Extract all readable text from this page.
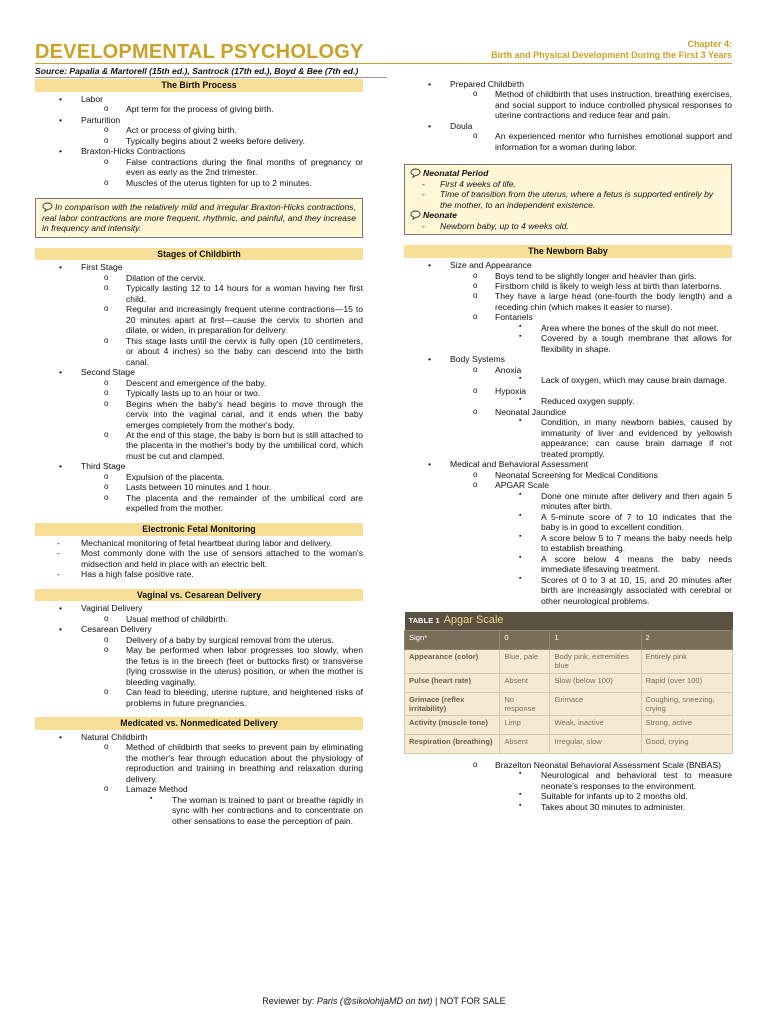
DEVELOPMENTAL PSYCHOLOGY	Chapter 4:
Birth and Physical Development During the First 3 Years
Source: Papalia & Martorell (15th ed.), Santrock (17th ed.), Boyd & Bee (7th ed.)
The Birth Process
• Labor
o Apt term for the process of giving birth.
• Parturition
o Act or process of giving birth.
o Typically begins about 2 weeks before delivery.
• Braxton-Hicks Contractions
o False contractions during the final months of pregnancy or even as early as the 2nd trimester.
o Muscles of the uterus tighten for up to 2 minutes.
In comparison with the relatively mild and irregular Braxton-Hicks contractions, real labor contractions are more frequent, rhythmic, and painful, and they increase in frequency and intensity.
Stages of Childbirth
• First Stage
o Dilation of the cervix.
o Typically lasting 12 to 14 hours for a woman having her first child.
o Regular and increasingly frequent uterine contractions—15 to 20 minutes apart at first—cause the cervix to shorten and dilate, or widen, in preparation for delivery.
o This stage lasts until the cervix is fully open (10 centimeters, or about 4 inches) so the baby can descend into the birth canal.
• Second Stage
o Descent and emergence of the baby.
o Typically lasts up to an hour or two.
o Begins when the baby's head begins to move through the cervix into the vaginal canal, and it ends when the baby emerges completely from the mother's body.
o At the end of this stage, the baby is born but is still attached to the placenta in the mother's body by the umbilical cord, which must be cut and clamped.
• Third Stage
o Expulsion of the placenta.
o Lasts between 10 minutes and 1 hour.
o The placenta and the remainder of the umbilical cord are expelled from the mother.
Electronic Fetal Monitoring
- Mechanical monitoring of fetal heartbeat during labor and delivery.
- Most commonly done with the use of sensors attached to the woman's midsection and held in place with an electric belt.
- Has a high false positive rate.
Vaginal vs. Cesarean Delivery
• Vaginal Delivery
o Usual method of childbirth.
• Cesarean Delivery
o Delivery of a baby by surgical removal from the uterus.
o May be performed when labor progresses too slowly, when the fetus is in the breech (feet or buttocks first) or transverse (lying crosswise in the uterus) position, or when the mother is bleeding vaginally.
o Can lead to bleeding, uterine rupture, and heightened risks of problems in future pregnancies.
Medicated vs. Nonmedicated Delivery
• Natural Childbirth
o Method of childbirth that seeks to prevent pain by eliminating the mother's fear through education about the physiology of reproduction and training in breathing and relaxation during delivery.
o Lamaze Method
▪ The woman is trained to pant or breathe rapidly in sync with her contractions and to concentrate on other sensations to ease the perception of pain.
• Prepared Childbirth
o Method of childbirth that uses instruction, breathing exercises, and social support to induce controlled physical responses to uterine contractions and reduce fear and pain.
• Doula
o An experienced mentor who furnishes emotional support and information for a woman during labor.
Neonatal Period
- First 4 weeks of life.
- Time of transition from the uterus, where a fetus is supported entirely by the mother, to an independent existence.
Neonate
- Newborn baby, up to 4 weeks old.
The Newborn Baby
• Size and Appearance
o Boys tend to be slightly longer and heavier than girls.
o Firstborn child is likely to weigh less at birth than laterborns.
o They have a large head (one-fourth the body length) and a receding chin (which makes it easier to nurse).
o Fontanels
▪ Area where the bones of the skull do not meet.
▪ Covered by a tough membrane that allows for flexibility in shape.
• Body Systems
o Anoxia
▪ Lack of oxygen, which may cause brain damage.
o Hypoxia
▪ Reduced oxygen supply.
o Neonatal Jaundice
▪ Condition, in many newborn babies, caused by immaturity of liver and evidenced by yellowish appearance; can cause brain damage if not treated promptly.
• Medical and Behavioral Assessment
o Neonatal Screening for Medical Conditions
o APGAR Scale
▪ Done one minute after delivery and then again 5 minutes after birth.
▪ A 5-minute score of 7 to 10 indicates that the baby is in good to excellent condition.
▪ A score below 5 to 7 means the baby needs help to establish breathing.
▪ A score below 4 means the baby needs immediate lifesaving treatment.
▪ Scores of 0 to 3 at 10, 15, and 20 minutes after birth are increasingly associated with cerebral or other neurological problems.
TABLE 1 Apgar Scale			
Sign*	0	1	2
Appearance (color)	Blue, pale	Body pink, extremities blue	Entirely pink
Pulse (heart rate)	Absent	Slow (below 100)	Rapid (over 100)
Grimace (reflex irritability)	No response	Grimace	Coughing, sneezing, crying
Activity (muscle tone)	Limp	Weak, inactive	Strong, active
Respiration (breathing)	Absent	Irregular, slow	Good, crying
o Brazelton Neonatal Behavioral Assessment Scale (BNBAS)
▪ Neurological and behavioral test to measure neonate's responses to the environment.
▪ Suitable for infants up to 2 months old.
▪ Takes about 30 minutes to administer.
Reviewer by: Paris (@sikolohijaMD on twt) | NOT FOR SALE
